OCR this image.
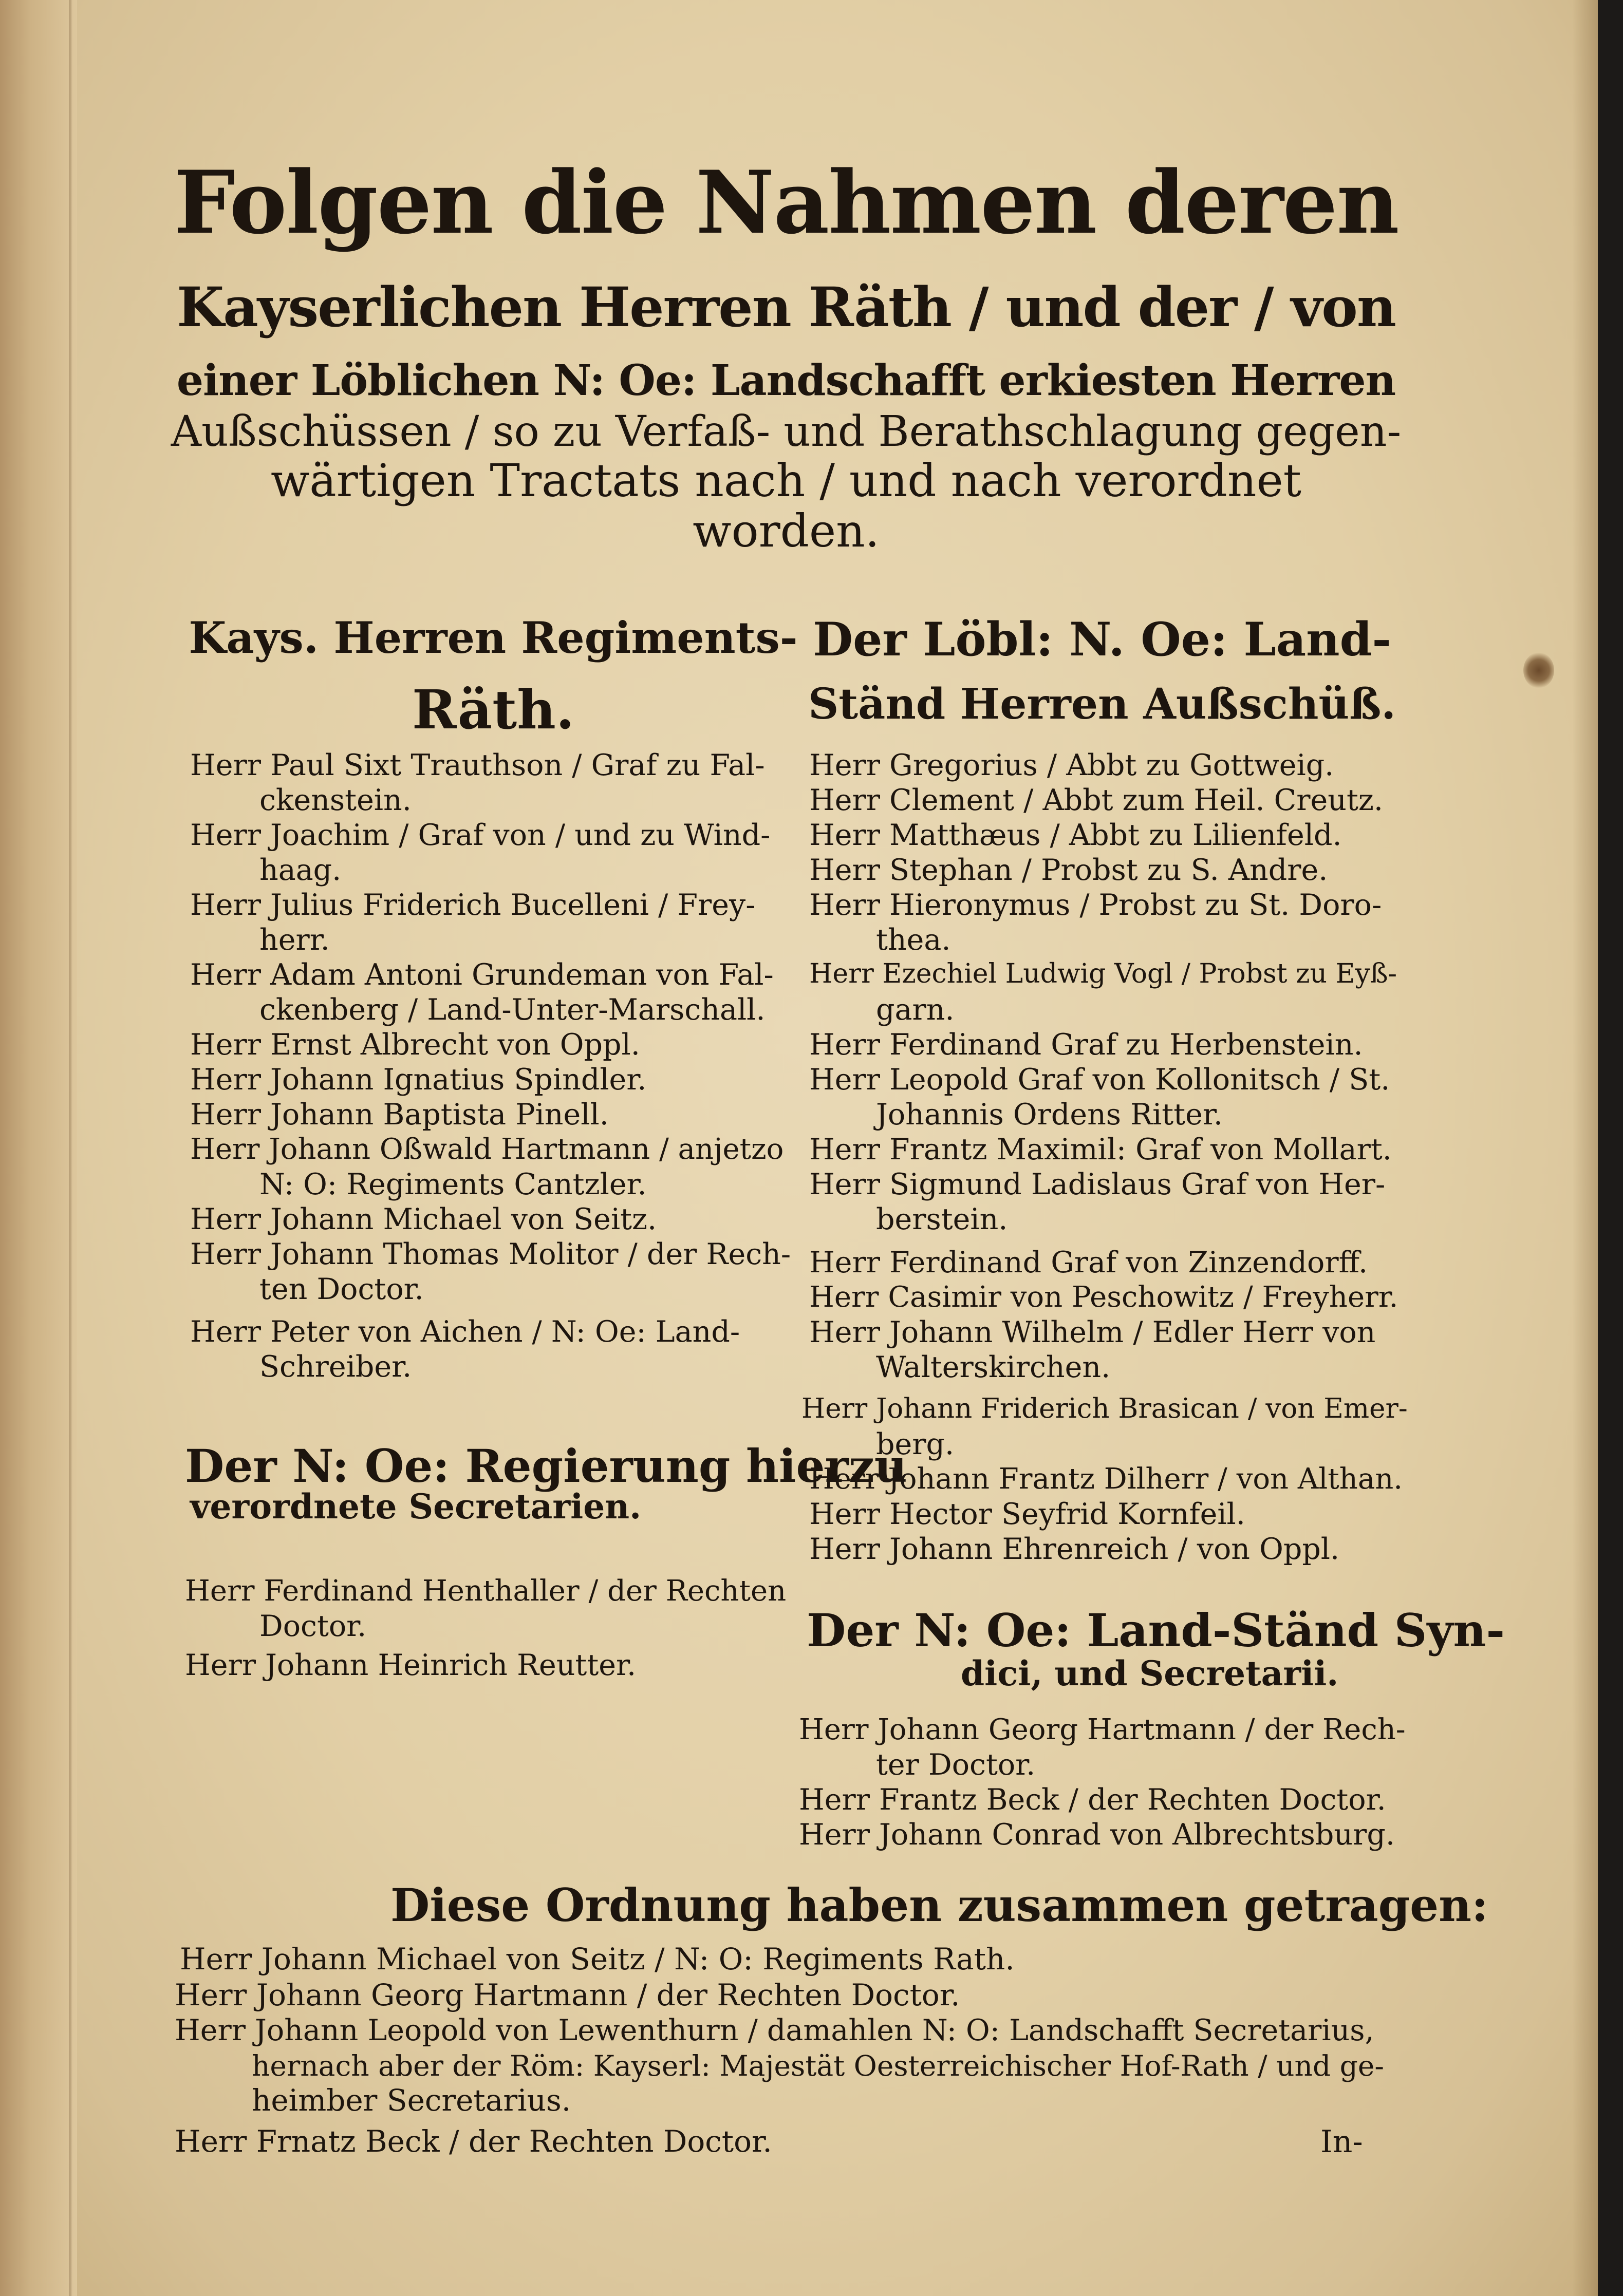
Folgen die Nahmen deren
Kayserlichen Herren Räth / und der / von
einer Löblichen N: Oe: Landschafft erkiesten Herren
Außschüssen / so zu Verfaß- und Berathschlagung gegen-
wärtigen Tractats nach / und nach verordnet
worden.
Kays. Herren Regiments-
Räth.
Der Löbl: N. Oe: Land-
Ständ Herren Außschüß.
Herr Paul Sixt Trauthson / Graf zu Fal-
ckenstein.
Herr Joachim / Graf von / und zu Wind-
haag.
Herr Julius Friderich Bucelleni / Frey-
herr.
Herr Adam Antoni Grundeman von Fal-
ckenberg / Land-Unter-Marschall.
Herr Ernst Albrecht von Oppl.
Herr Johann Ignatius Spindler.
Herr Johann Baptista Pinell.
Herr Johann Oßwald Hartmann / anjetzo
N: O: Regiments Cantzler.
Herr Johann Michael von Seitz.
Herr Johann Thomas Molitor / der Rech-
ten Doctor.
Herr Peter von Aichen / N: Oe: Land-
Schreiber.
Der N: Oe: Regierung hierzu
verordnete Secretarien.
Herr Ferdinand Henthaller / der Rechten
Doctor.
Herr Johann Heinrich Reutter.
Herr Gregorius / Abbt zu Gottweig.
Herr Clement / Abbt zum Heil. Creutz.
Herr Matthæus / Abbt zu Lilienfeld.
Herr Stephan / Probst zu S. Andre.
Herr Hieronymus / Probst zu St. Doro-
thea.
Herr Ezechiel Ludwig Vogl / Probst zu Eyß-
garn.
Herr Ferdinand Graf zu Herbenstein.
Herr Leopold Graf von Kollonitsch / St.
Johannis Ordens Ritter.
Herr Frantz Maximil: Graf von Mollart.
Herr Sigmund Ladislaus Graf von Her-
berstein.
Herr Ferdinand Graf von Zinzendorff.
Herr Casimir von Peschowitz / Freyherr.
Herr Johann Wilhelm / Edler Herr von
Walterskirchen.
Herr Johann Friderich Brasican / von Emer-
berg.
Herr Johann Frantz Dilherr / von Althan.
Herr Hector Seyfrid Kornfeil.
Herr Johann Ehrenreich / von Oppl.
Der N: Oe: Land-Ständ Syn-
dici, und Secretarii.
Herr Johann Georg Hartmann / der Rech-
ter Doctor.
Herr Frantz Beck / der Rechten Doctor.
Herr Johann Conrad von Albrechtsburg.
Diese Ordnung haben zusammen getragen:
Herr Johann Michael von Seitz / N: O: Regiments Rath.
Herr Johann Georg Hartmann / der Rechten Doctor.
Herr Johann Leopold von Lewenthurn / damahlen N: O: Landschafft Secretarius,
hernach aber der Röm: Kayserl: Majestät Oesterreichischer Hof-Rath / und ge-
heimber Secretarius.
Herr Frnatz Beck / der Rechten Doctor.	In-
